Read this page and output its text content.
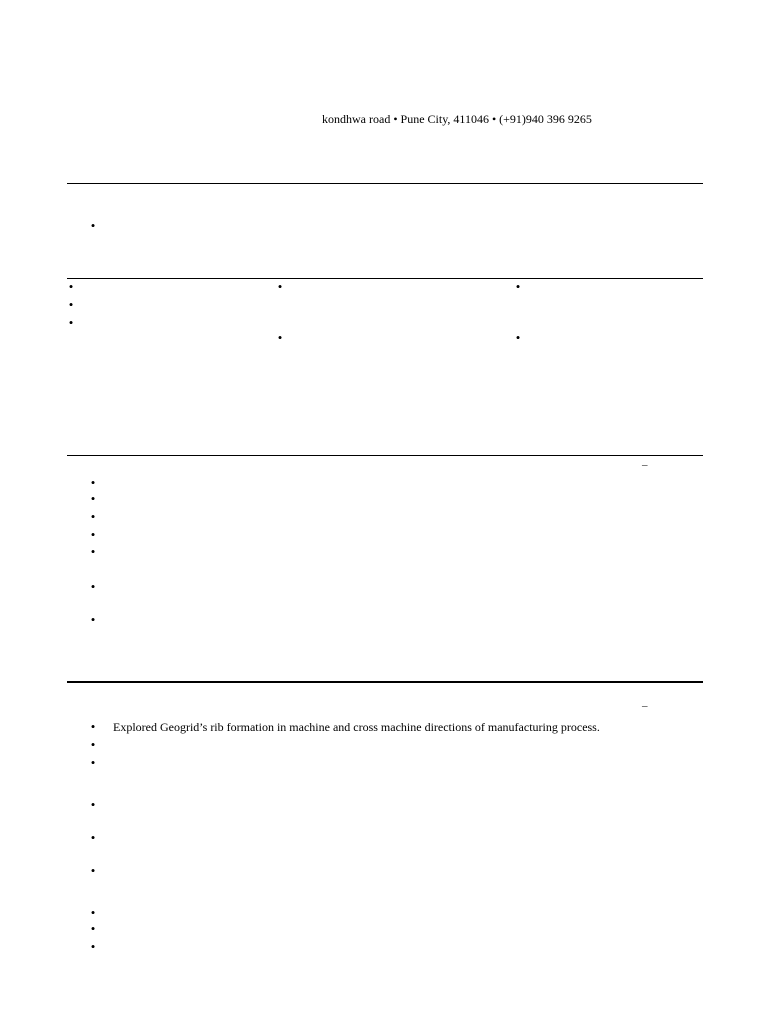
kondhwa road • Pune City, 411046 • (+91)940 396 9265
•
•
•
•
•
•
•
•
–
•
•
•
•
•
•
•
–
• Explored Geogrid’s rib formation in machine and cross machine directions of manufacturing process.
•
•
•
•
•
•
•
•
